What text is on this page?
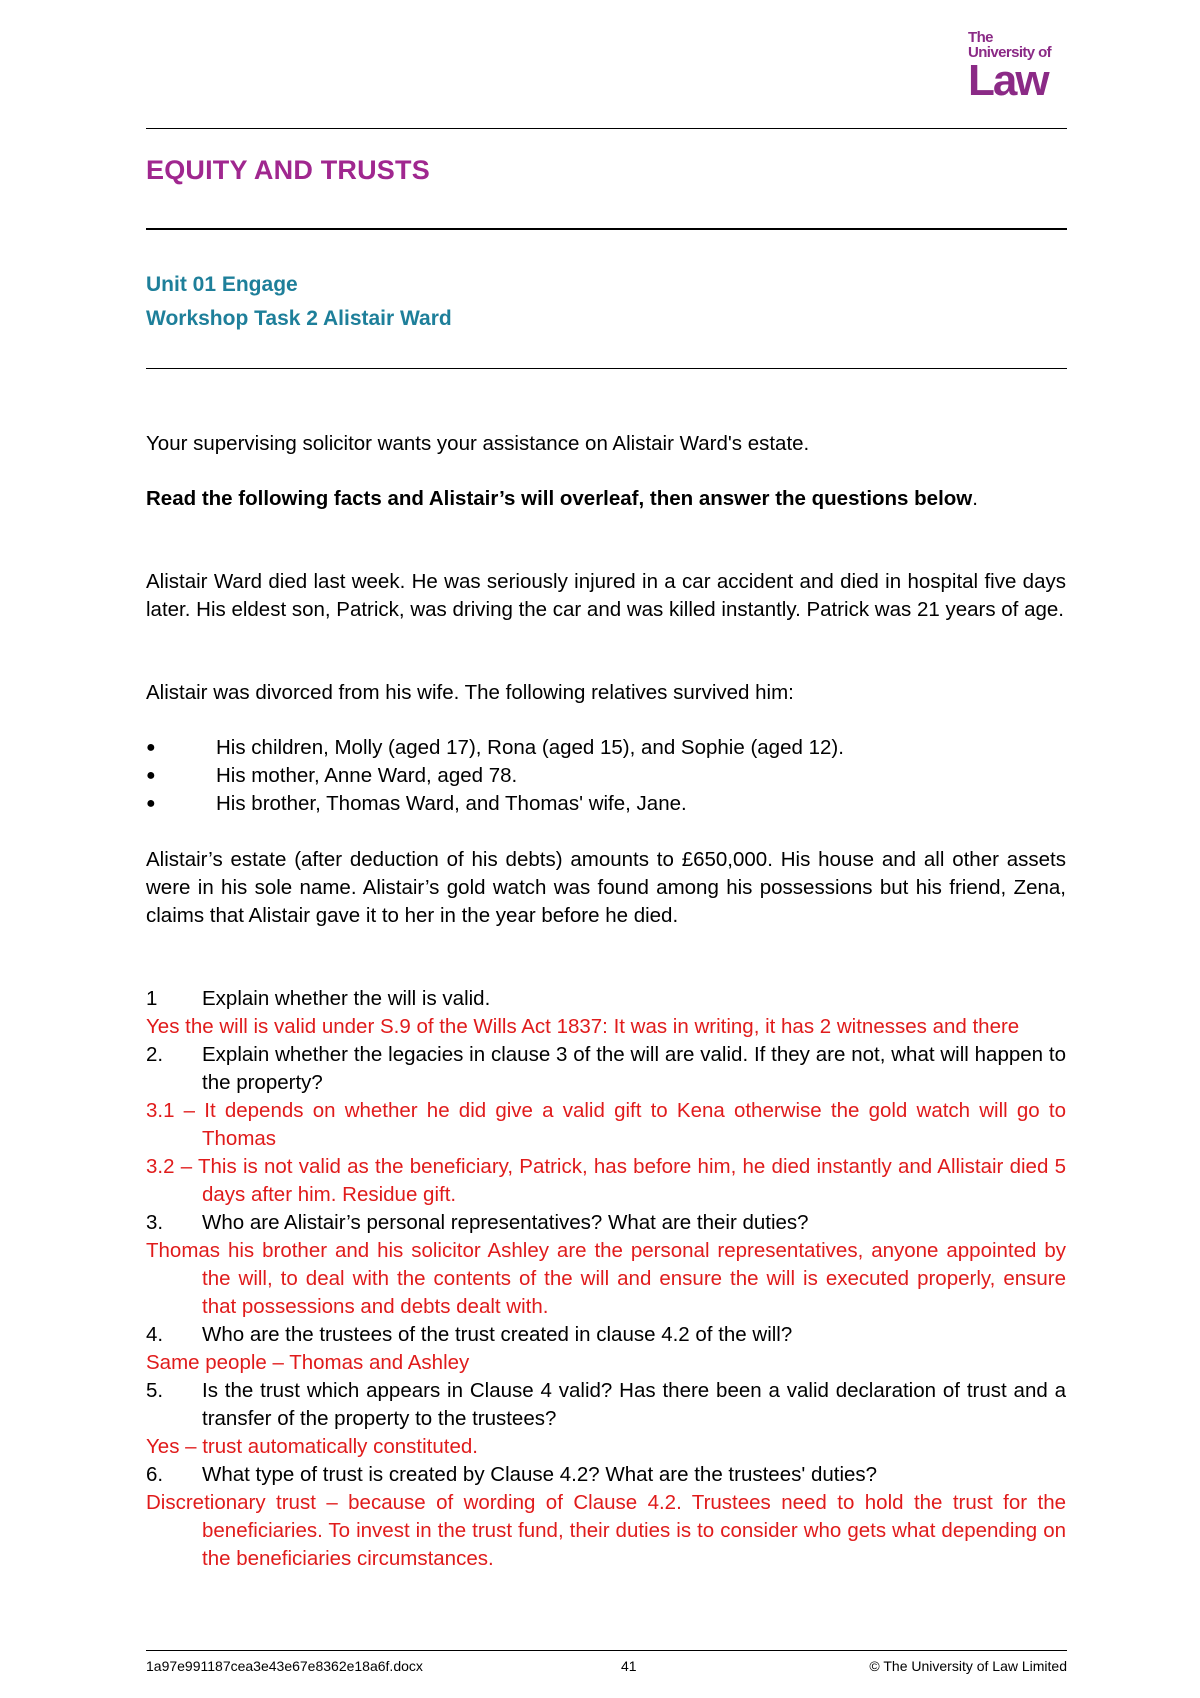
The
University of
Law
EQUITY AND TRUSTS
Unit 01 Engage
Workshop Task 2 Alistair Ward

Your supervising solicitor wants your assistance on Alistair Ward's estate.

Read the following facts and Alistair’s will overleaf, then answer the questions below.

Alistair Ward died last week. He was seriously injured in a car accident and died in hospital five days later. His eldest son, Patrick, was driving the car and was killed instantly. Patrick was 21 years of age.

Alistair was divorced from his wife. The following relatives survived him:

●	His children, Molly (aged 17), Rona (aged 15), and Sophie (aged 12).
●	His mother, Anne Ward, aged 78.
●	His brother, Thomas Ward, and Thomas' wife, Jane.

Alistair’s estate (after deduction of his debts) amounts to £650,000. His house and all other assets were in his sole name. Alistair’s gold watch was found among his possessions but his friend, Zena, claims that Alistair gave it to her in the year before he died.

1 Explain whether the will is valid.
Yes the will is valid under S.9 of the Wills Act 1837: It was in writing, it has 2 witnesses and there
2. Explain whether the legacies in clause 3 of the will are valid. If they are not, what will happen to the property?
3.1 – It depends on whether he did give a valid gift to Kena otherwise the gold watch will go to Thomas
3.2 – This is not valid as the beneficiary, Patrick, has before him, he died instantly and Allistair died 5 days after him. Residue gift.
3. Who are Alistair’s personal representatives? What are their duties?
Thomas his brother and his solicitor Ashley are the personal representatives, anyone appointed by the will, to deal with the contents of the will and ensure the will is executed properly, ensure that possessions and debts dealt with.
4. Who are the trustees of the trust created in clause 4.2 of the will?
Same people – Thomas and Ashley
5. Is the trust which appears in Clause 4 valid? Has there been a valid declaration of trust and a transfer of the property to the trustees?
Yes – trust automatically constituted.
6. What type of trust is created by Clause 4.2? What are the trustees' duties?
Discretionary trust – because of wording of Clause 4.2. Trustees need to hold the trust for the beneficiaries. To invest in the trust fund, their duties is to consider who gets what depending on the beneficiaries circumstances.
1a97e991187cea3e43e67e8362e18a6f.docx	41	© The University of Law Limited
